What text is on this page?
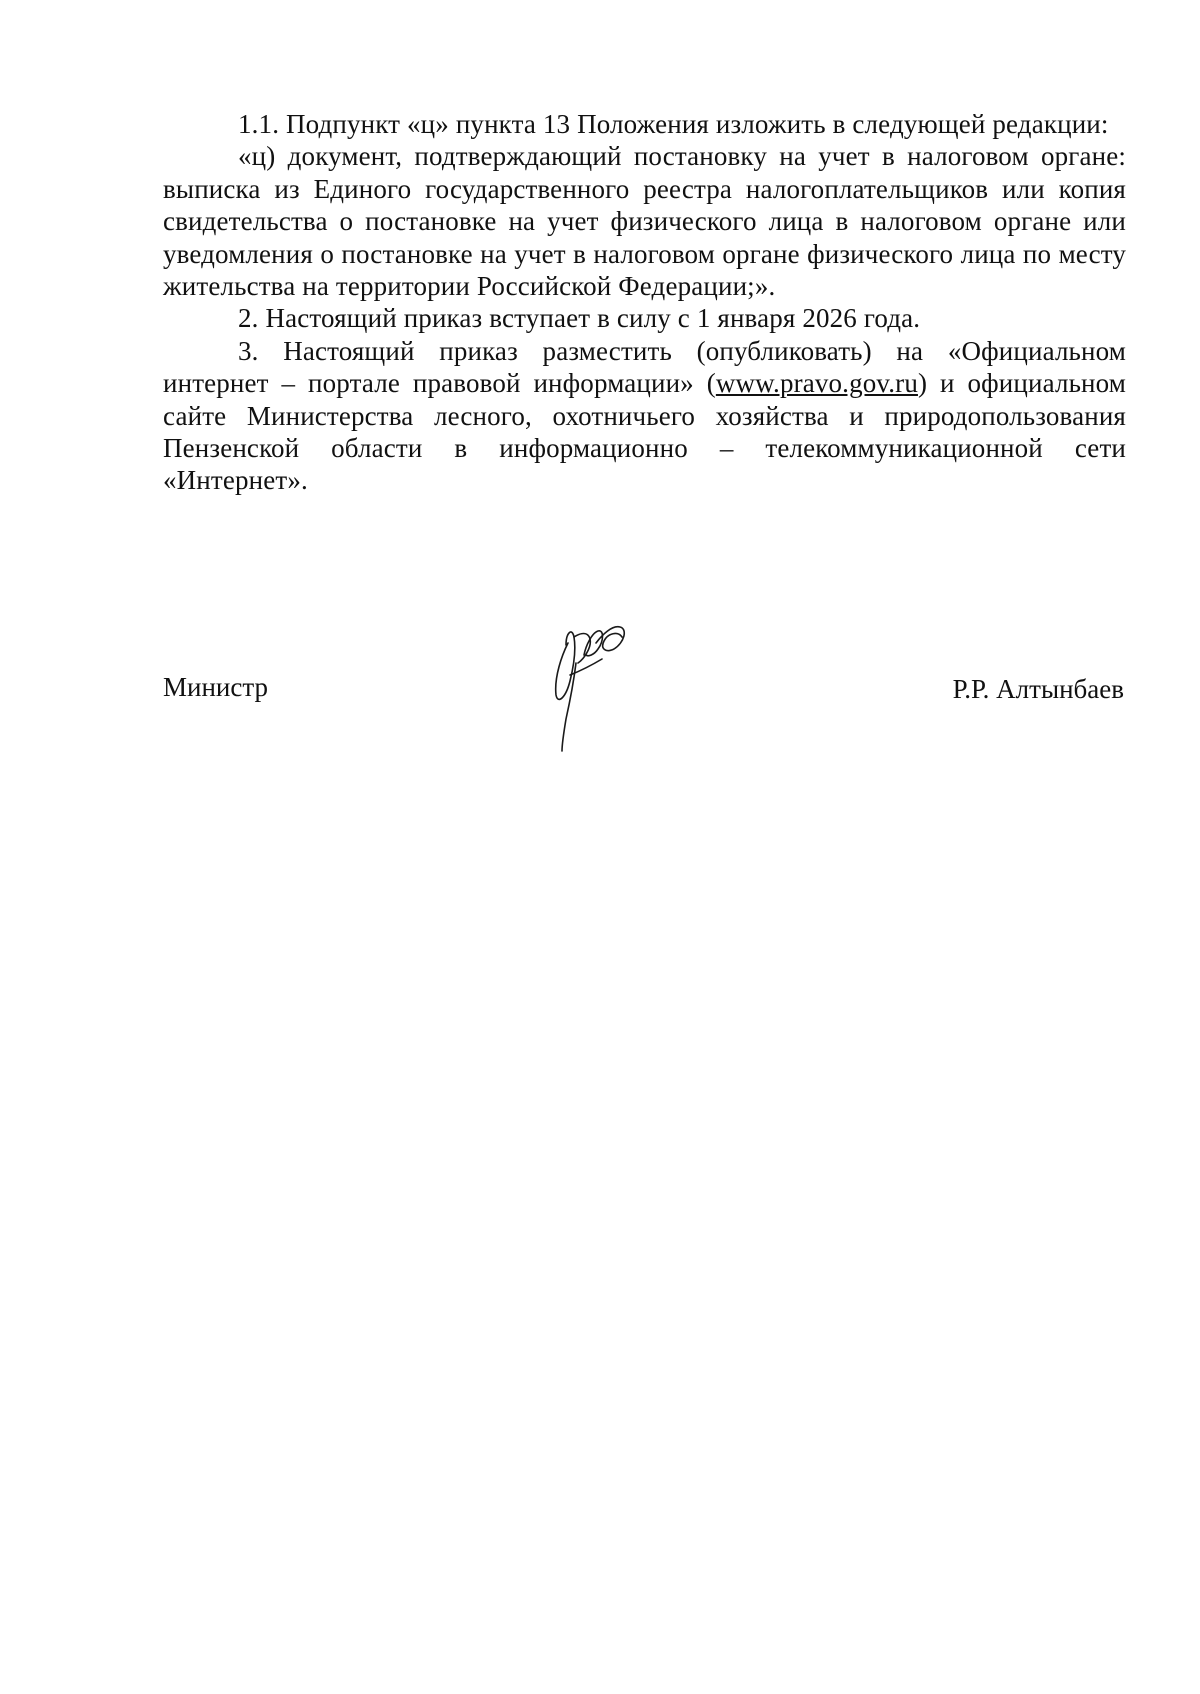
1.1. Подпункт «ц» пункта 13 Положения изложить в следующей редакции:

«ц) документ, подтверждающий постановку на учет в налоговом органе: выписка из Единого государственного реестра налогоплательщиков или копия свидетельства о постановке на учет физического лица в налоговом органе или уведомления о постановке на учет в налоговом органе физического лица по месту жительства на территории Российской Федерации;».

2. Настоящий приказ вступает в силу с 1 января 2026 года.

3. Настоящий приказ разместить (опубликовать) на «Официальном интернет – портале правовой информации» (www.pravo.gov.ru) и официальном сайте Министерства лесного, охотничьего хозяйства и природопользования Пензенской области в информационно – телекоммуникационной сети «Интернет».

Министр	Р.Р. Алтынбаев
